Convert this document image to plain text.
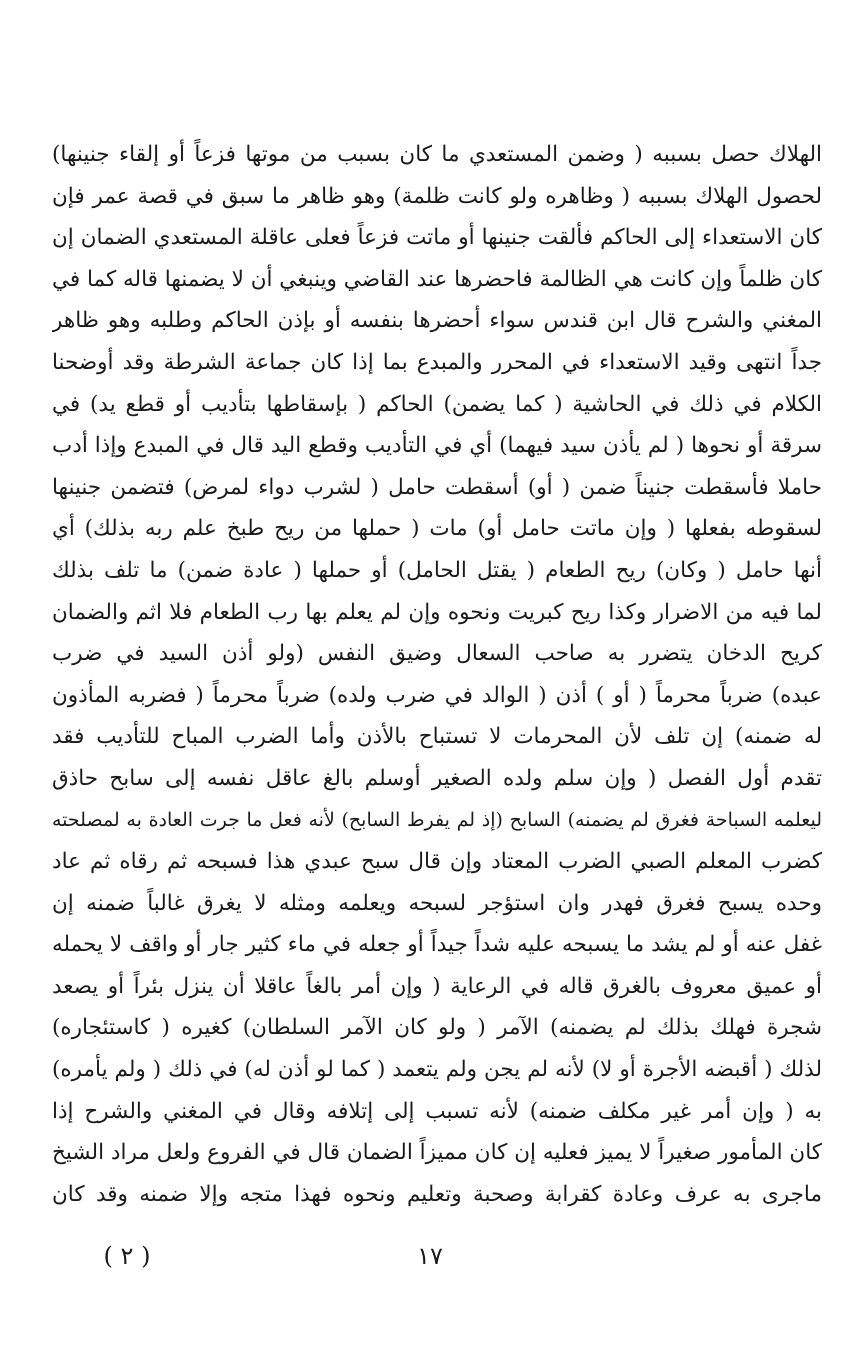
الهلاك حصل بسببه ( وضمن المستعدي ما كان بسبب من موتها فزعاً أو إلقاء جنينها)
لحصول الهلاك بسببه ( وظاهره ولو كانت ظلمة) وهو ظاهر ما سبق في قصة عمر فإن
كان الاستعداء إلى الحاكم فألقت جنينها أو ماتت فزعاً فعلى عاقلة المستعدي الضمان إن
كان ظلماً وإن كانت هي الظالمة فاحضرها عند القاضي وينبغي أن لا يضمنها قاله كما في
المغني والشرح قال ابن قندس سواء أحضرها بنفسه أو بإذن الحاكم وطلبه وهو ظاهر
جداً انتهى وقيد الاستعداء في المحرر والمبدع بما إذا كان جماعة الشرطة وقد أوضحنا
الكلام في ذلك في الحاشية ( كما يضمن) الحاكم ( بإسقاطها بتأديب أو قطع يد) في
سرقة أو نحوها ( لم يأذن سيد فيهما) أي في التأديب وقطع اليد قال في المبدع وإذا أدب
حاملا فأسقطت جنيناً ضمن ( أو) أسقطت حامل ( لشرب دواء لمرض) فتضمن جنينها
لسقوطه بفعلها ( وإن ماتت حامل أو) مات ( حملها من ريح طبخ علم ربه بذلك) أي
أنها حامل ( وكان) ريح الطعام ( يقتل الحامل) أو حملها ( عادة ضمن) ما تلف بذلك
لما فيه من الاضرار وكذا ريح كبريت ونحوه وإن لم يعلم بها رب الطعام فلا اثم والضمان
كريح الدخان يتضرر به صاحب السعال وضيق النفس (ولو أذن السيد في ضرب
عبده) ضرباً محرماً ( أو ) أذن ( الوالد في ضرب ولده) ضرباً محرماً ( فضربه المأذون
له ضمنه) إن تلف لأن المحرمات لا تستباح بالأذن وأما الضرب المباح للتأديب فقد
تقدم أول الفصل ( وإن سلم ولده الصغير أوسلم بالغ عاقل نفسه إلى سابح حاذق
ليعلمه السباحة فغرق لم يضمنه) السابح (إذ لم يفرط السابح) لأنه فعل ما جرت العادة به لمصلحته
كضرب المعلم الصبي الضرب المعتاد وإن قال سبح عبدي هذا فسبحه ثم رقاه ثم عاد
وحده يسبح فغرق فهدر وان استؤجر لسبحه ويعلمه ومثله لا يغرق غالباً ضمنه إن
غفل عنه أو لم يشد ما يسبحه عليه شداً جيداً أو جعله في ماء كثير جار أو واقف لا يحمله
أو عميق معروف بالغرق قاله في الرعاية ( وإن أمر بالغاً عاقلا أن ينزل بئراً أو يصعد
شجرة فهلك بذلك لم يضمنه) الآمر ( ولو كان الآمر السلطان) كغيره ( كاستئجاره)
لذلك ( أقبضه الأجرة أو لا) لأنه لم يجن ولم يتعمد ( كما لو أذن له) في ذلك ( ولم يأمره)
به ( وإن أمر غير مكلف ضمنه) لأنه تسبب إلى إتلافه وقال في المغني والشرح إذا
كان المأمور صغيراً لا يميز فعليه إن كان مميزاً الضمان قال في الفروع ولعل مراد الشيخ
ماجرى به عرف وعادة كقرابة وصحبة وتعليم ونحوه فهذا متجه وإلا ضمنه وقد كان
١٧
( ٢ )
